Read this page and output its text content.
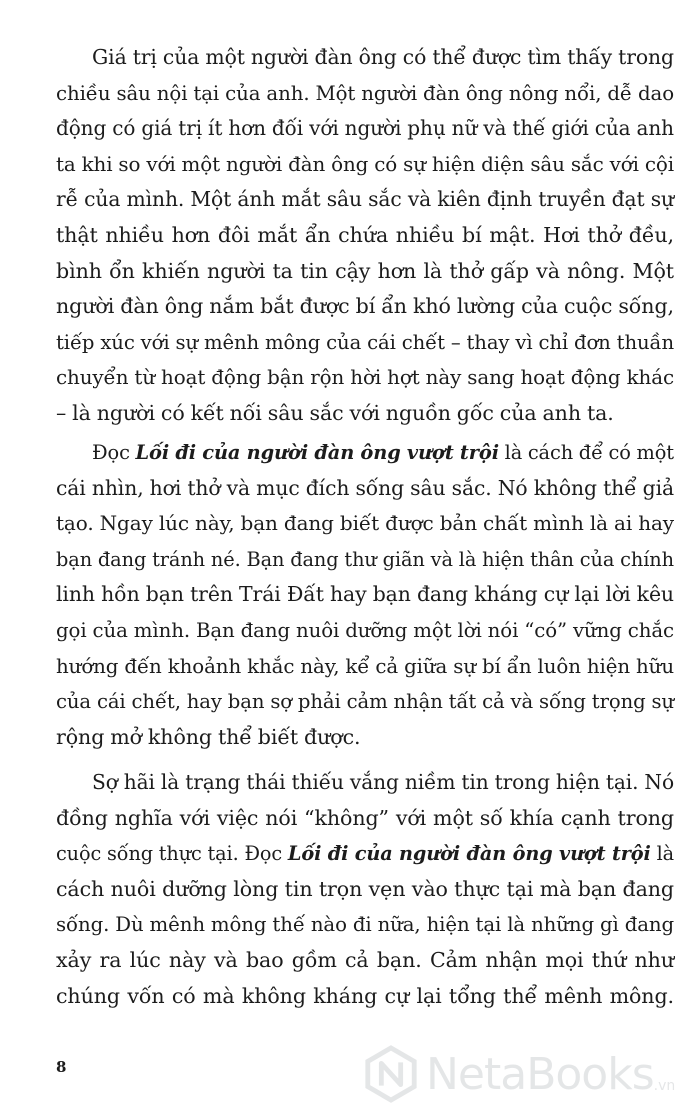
Giá trị của một người đàn ông có thể được tìm thấy trong
chiều sâu nội tại của anh. Một người đàn ông nông nổi, dễ dao
động có giá trị ít hơn đối với người phụ nữ và thế giới của anh
ta khi so với một người đàn ông có sự hiện diện sâu sắc với cội
rễ của mình. Một ánh mắt sâu sắc và kiên định truyền đạt sự
thật nhiều hơn đôi mắt ẩn chứa nhiều bí mật. Hơi thở đều,
bình ổn khiến người ta tin cậy hơn là thở gấp và nông. Một
người đàn ông nắm bắt được bí ẩn khó lường của cuộc sống,
tiếp xúc với sự mênh mông của cái chết – thay vì chỉ đơn thuần
chuyển từ hoạt động bận rộn hời hợt này sang hoạt động khác
– là người có kết nối sâu sắc với nguồn gốc của anh ta.

Đọc Lối đi của người đàn ông vượt trội là cách để có một
cái nhìn, hơi thở và mục đích sống sâu sắc. Nó không thể giả
tạo. Ngay lúc này, bạn đang biết được bản chất mình là ai hay
bạn đang tránh né. Bạn đang thư giãn và là hiện thân của chính
linh hồn bạn trên Trái Đất hay bạn đang kháng cự lại lời kêu
gọi của mình. Bạn đang nuôi dưỡng một lời nói “có” vững chắc
hướng đến khoảnh khắc này, kể cả giữa sự bí ẩn luôn hiện hữu
của cái chết, hay bạn sợ phải cảm nhận tất cả và sống trọng sự
rộng mở không thể biết được.

Sợ hãi là trạng thái thiếu vắng niềm tin trong hiện tại. Nó
đồng nghĩa với việc nói “không” với một số khía cạnh trong
cuộc sống thực tại. Đọc Lối đi của người đàn ông vượt trội là
cách nuôi dưỡng lòng tin trọn vẹn vào thực tại mà bạn đang
sống. Dù mênh mông thế nào đi nữa, hiện tại là những gì đang
xảy ra lúc này và bao gồm cả bạn. Cảm nhận mọi thứ như
chúng vốn có mà không kháng cự lại tổng thể mênh mông.

8	NetaBooks .vn
